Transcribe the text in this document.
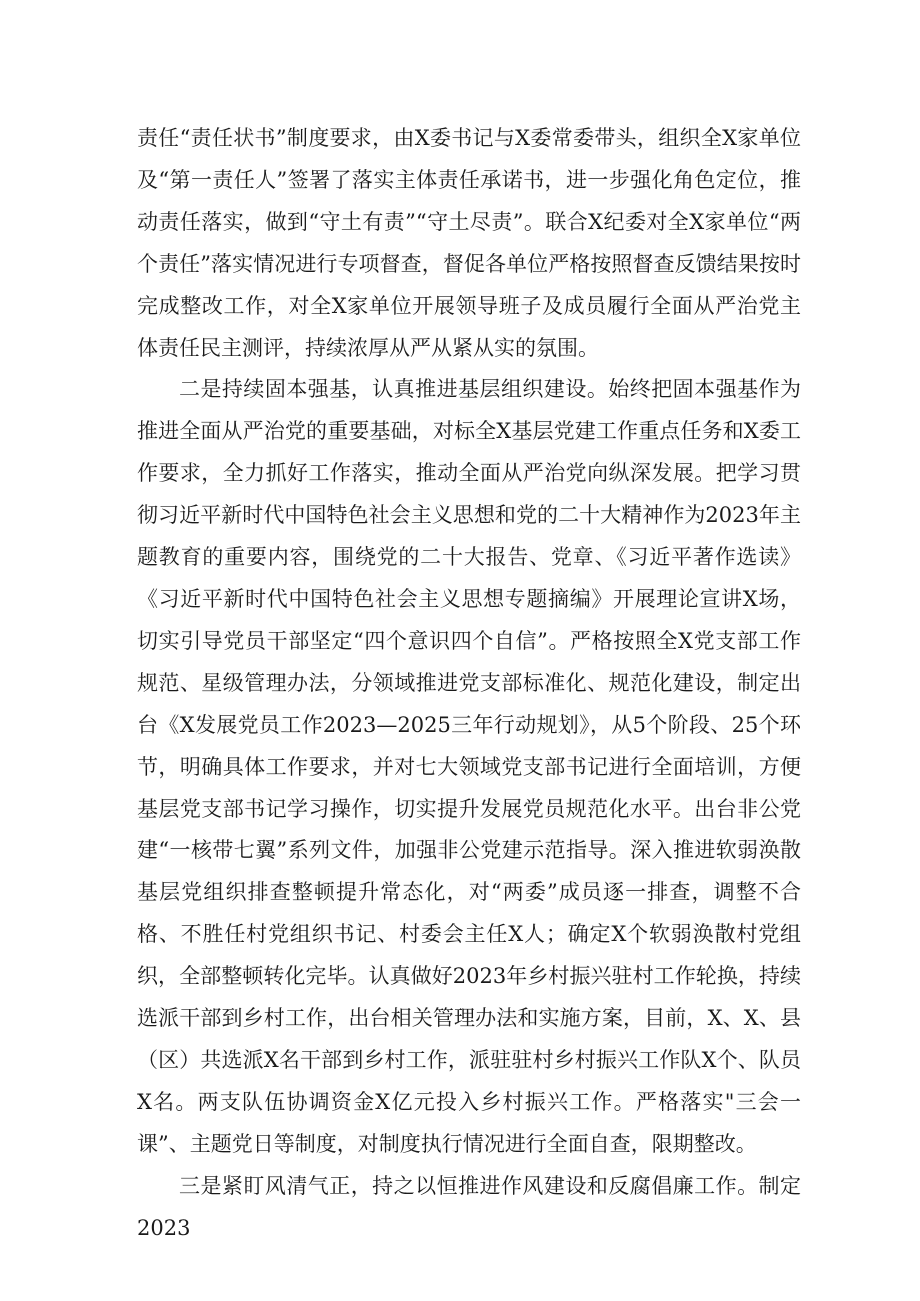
责任“责任状书”制度要求，由X委书记与X委常委带头，组织全X家单位及“第一责任人”签署了落实主体责任承诺书，进一步强化角色定位，推动责任落实，做到“守土有责”“守土尽责”。联合X纪委对全X家单位“两个责任”落实情况进行专项督查，督促各单位严格按照督查反馈结果按时完成整改工作，对全X家单位开展领导班子及成员履行全面从严治党主体责任民主测评，持续浓厚从严从紧从实的氛围。

二是持续固本强基，认真推进基层组织建设。始终把固本强基作为推进全面从严治党的重要基础，对标全X基层党建工作重点任务和X委工作要求，全力抓好工作落实，推动全面从严治党向纵深发展。把学习贯彻习近平新时代中国特色社会主义思想和党的二十大精神作为2023年主题教育的重要内容，围绕党的二十大报告、党章、《习近平著作选读》《习近平新时代中国特色社会主义思想专题摘编》开展理论宣讲X场，切实引导党员干部坚定“四个意识四个自信”。严格按照全X党支部工作规范、星级管理办法，分领域推进党支部标准化、规范化建设，制定出台《X发展党员工作2023—2025三年行动规划》，从5个阶段、25个环节，明确具体工作要求，并对七大领域党支部书记进行全面培训，方便基层党支部书记学习操作，切实提升发展党员规范化水平。出台非公党建“一核带七翼”系列文件，加强非公党建示范指导。深入推进软弱涣散基层党组织排查整顿提升常态化，对“两委”成员逐一排查，调整不合格、不胜任村党组织书记、村委会主任X人；确定X个软弱涣散村党组织，全部整顿转化完毕。认真做好2023年乡村振兴驻村工作轮换，持续选派干部到乡村工作，出台相关管理办法和实施方案，目前，X、X、县（区）共选派X名干部到乡村工作，派驻驻村乡村振兴工作队X个、队员X名。两支队伍协调资金X亿元投入乡村振兴工作。严格落实"三会一课”、主题党日等制度，对制度执行情况进行全面自查，限期整改。

三是紧盯风清气正，持之以恒推进作风建设和反腐倡廉工作。制定2023
